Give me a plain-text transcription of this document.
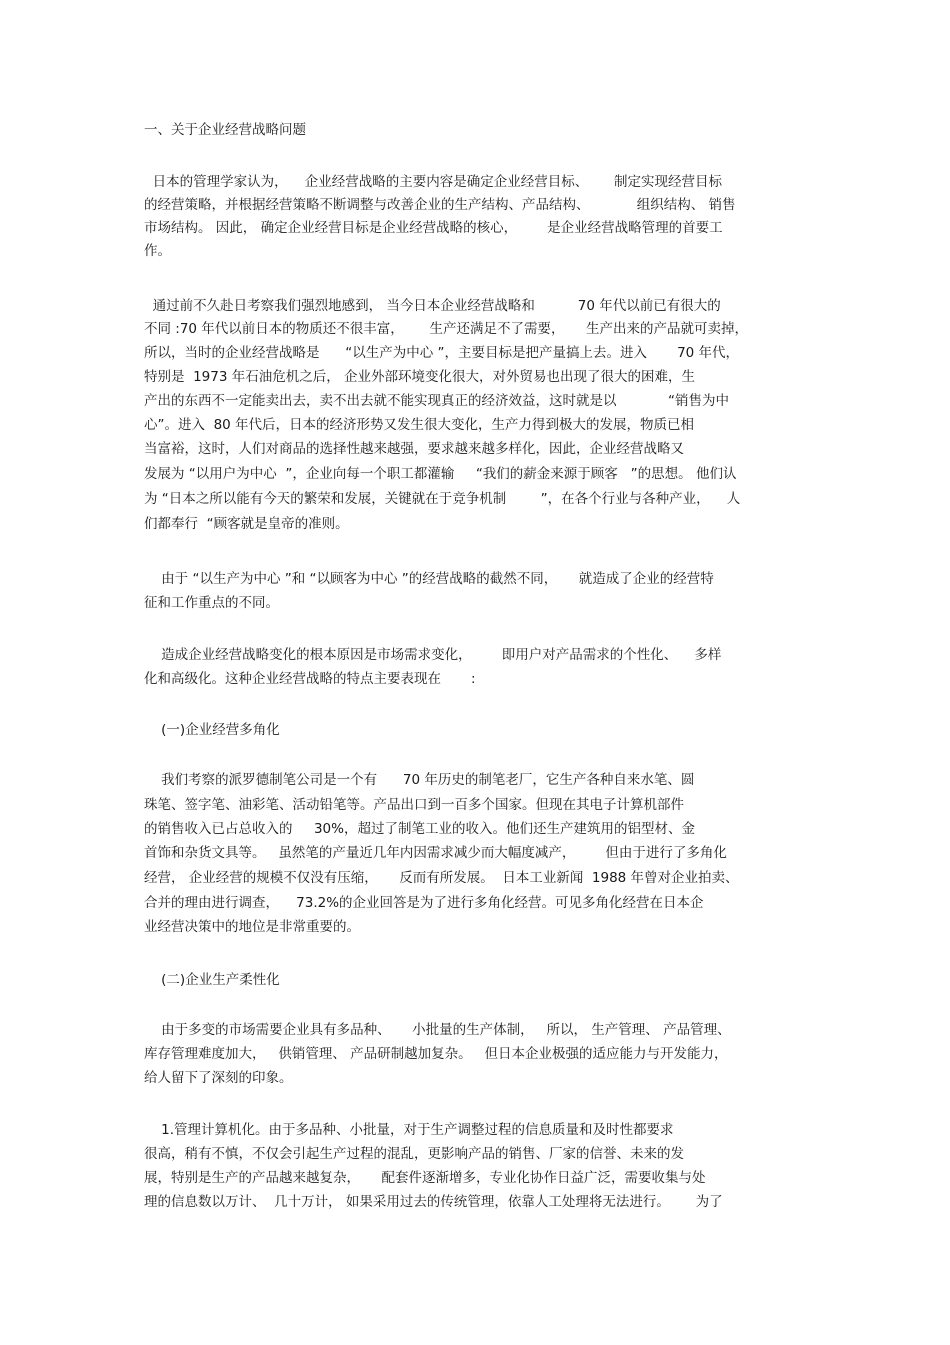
一、关于企业经营战略问题
日本的管理学家认为，    企业经营战略的主要内容是确定企业经营目标、      制定实现经营目标
的经营策略，并根据经营策略不断调整与改善企业的生产结构、产品结构、           组织结构、 销售
市场结构。 因此， 确定企业经营目标是企业经营战略的核心，       是企业经营战略管理的首要工
作。
通过前不久赴日考察我们强烈地感到， 当今日本企业经营战略和          70 年代以前已有很大的
不同 :70 年代以前日本的物质还不很丰富，      生产还满足不了需要，     生产出来的产品就可卖掉，
所以，当时的企业经营战略是      “以生产为中心 ”，主要目标是把产量搞上去。进入       70 年代，
特别是  1973 年石油危机之后， 企业外部环境变化很大，对外贸易也出现了很大的困难，生
产出的东西不一定能卖出去，卖不出去就不能实现真正的经济效益，这时就是以            “销售为中
心”。进入  80 年代后，日本的经济形势又发生很大变化，生产力得到极大的发展，物质已相
当富裕，这时，人们对商品的选择性越来越强，要求越来越多样化，因此，企业经营战略又
发展为 “以用户为中心  ”，企业向每一个职工都灌输     “我们的薪金来源于顾客   ”的思想。 他们认
为 “日本之所以能有今天的繁荣和发展，关键就在于竞争机制        ”，在各个行业与各种产业，    人
们都奉行  “顾客就是皇帝的准则。
由于 “以生产为中心 ”和 “以顾客为中心 ”的经营战略的截然不同，     就造成了企业的经营特
征和工作重点的不同。
造成企业经营战略变化的根本原因是市场需求变化，       即用户对产品需求的个性化、    多样
化和高级化。这种企业经营战略的特点主要表现在       :
(一)企业经营多角化
我们考察的派罗德制笔公司是一个有      70 年历史的制笔老厂，它生产各种自来水笔、圆
珠笔、签字笔、油彩笔、活动铅笔等。产品出口到一百多个国家。但现在其电子计算机部件
的销售收入已占总收入的     30%，超过了制笔工业的收入。他们还生产建筑用的铝型材、金
首饰和杂货文具等。   虽然笔的产量近几年内因需求减少而大幅度减产，       但由于进行了多角化
经营， 企业经营的规模不仅没有压缩，     反而有所发展。  日本工业新闻  1988 年曾对企业拍卖、
合并的理由进行调查，    73.2%的企业回答是为了进行多角化经营。可见多角化经营在日本企
业经营决策中的地位是非常重要的。
(二)企业生产柔性化
由于多变的市场需要企业具有多品种、     小批量的生产体制，   所以， 生产管理、 产品管理、
库存管理难度加大，   供销管理、 产品研制越加复杂。   但日本企业极强的适应能力与开发能力，
给人留下了深刻的印象。
1.管理计算机化。由于多品种、小批量，对于生产调整过程的信息质量和及时性都要求
很高，稍有不慎，不仅会引起生产过程的混乱，更影响产品的销售、厂家的信誉、未来的发
展，特别是生产的产品越来越复杂，     配套件逐渐增多，专业化协作日益广泛，需要收集与处
理的信息数以万计、  几十万计， 如果采用过去的传统管理，依靠人工处理将无法进行。      为了
